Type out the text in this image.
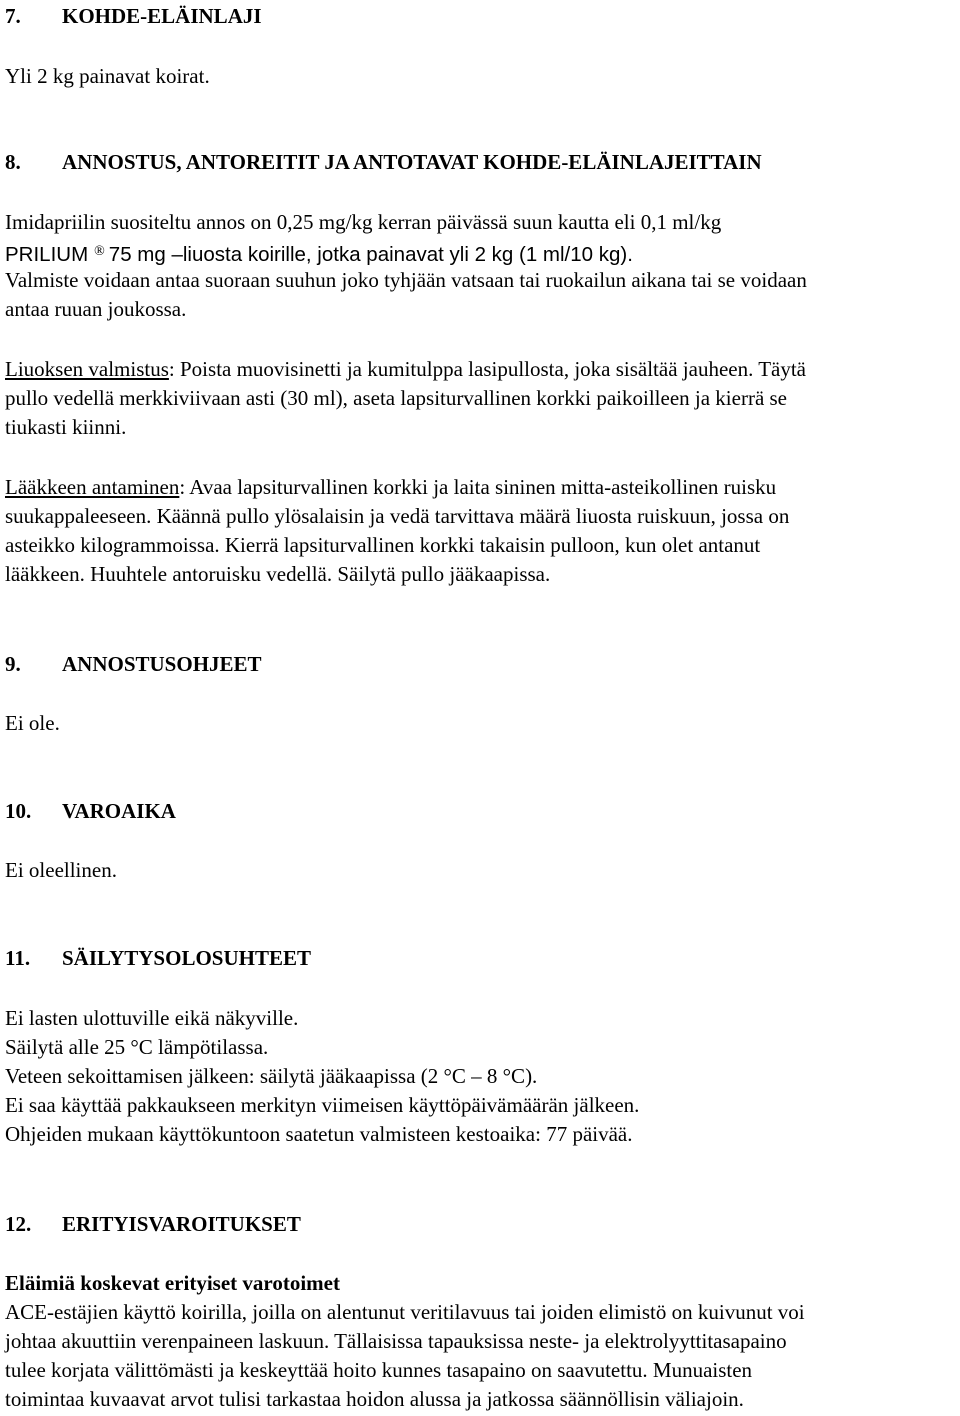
7. KOHDE-ELÄINLAJI
Yli 2 kg painavat koirat.
8. ANNOSTUS, ANTOREITIT JA ANTOTAVAT KOHDE-ELÄINLAJEITTAIN
Imidapriilin suositeltu annos on 0,25 mg/kg kerran päivässä suun kautta eli 0,1 ml/kg
PRILIUM ® 75 mg –liuosta koirille, jotka painavat yli 2 kg (1 ml/10 kg).
Valmiste voidaan antaa suoraan suuhun joko tyhjään vatsaan tai ruokailun aikana tai se voidaan
antaa ruuan joukossa.
Liuoksen valmistus: Poista muovisinetti ja kumitulppa lasipullosta, joka sisältää jauheen. Täytä
pullo vedellä merkkiviivaan asti (30 ml), aseta lapsiturvallinen korkki paikoilleen ja kierrä se
tiukasti kiinni.
Lääkkeen antaminen: Avaa lapsiturvallinen korkki ja laita sininen mitta-asteikollinen ruisku
suukappaleeseen. Käännä pullo ylösalaisin ja vedä tarvittava määrä liuosta ruiskuun, jossa on
asteikko kilogrammoissa. Kierrä lapsiturvallinen korkki takaisin pulloon, kun olet antanut
lääkkeen. Huuhtele antoruisku vedellä. Säilytä pullo jääkaapissa.
9. ANNOSTUSOHJEET
Ei ole.
10. VAROAIKA
Ei oleellinen.
11. SÄILYTYSOLOSUHTEET
Ei lasten ulottuville eikä näkyville.
Säilytä alle 25 °C lämpötilassa.
Veteen sekoittamisen jälkeen: säilytä jääkaapissa (2 °C – 8 °C).
Ei saa käyttää pakkaukseen merkityn viimeisen käyttöpäivämäärän jälkeen.
Ohjeiden mukaan käyttökuntoon saatetun valmisteen kestoaika: 77 päivää.
12. ERITYISVAROITUKSET
Eläimiä koskevat erityiset varotoimet
ACE-estäjien käyttö koirilla, joilla on alentunut veritilavuus tai joiden elimistö on kuivunut voi
johtaa akuuttiin verenpaineen laskuun. Tällaisissa tapauksissa neste- ja elektrolyyttitasapaino
tulee korjata välittömästi ja keskeyttää hoito kunnes tasapaino on saavutettu. Munuaisten
toimintaa kuvaavat arvot tulisi tarkastaa hoidon alussa ja jatkossa säännöllisin väliajoin.
